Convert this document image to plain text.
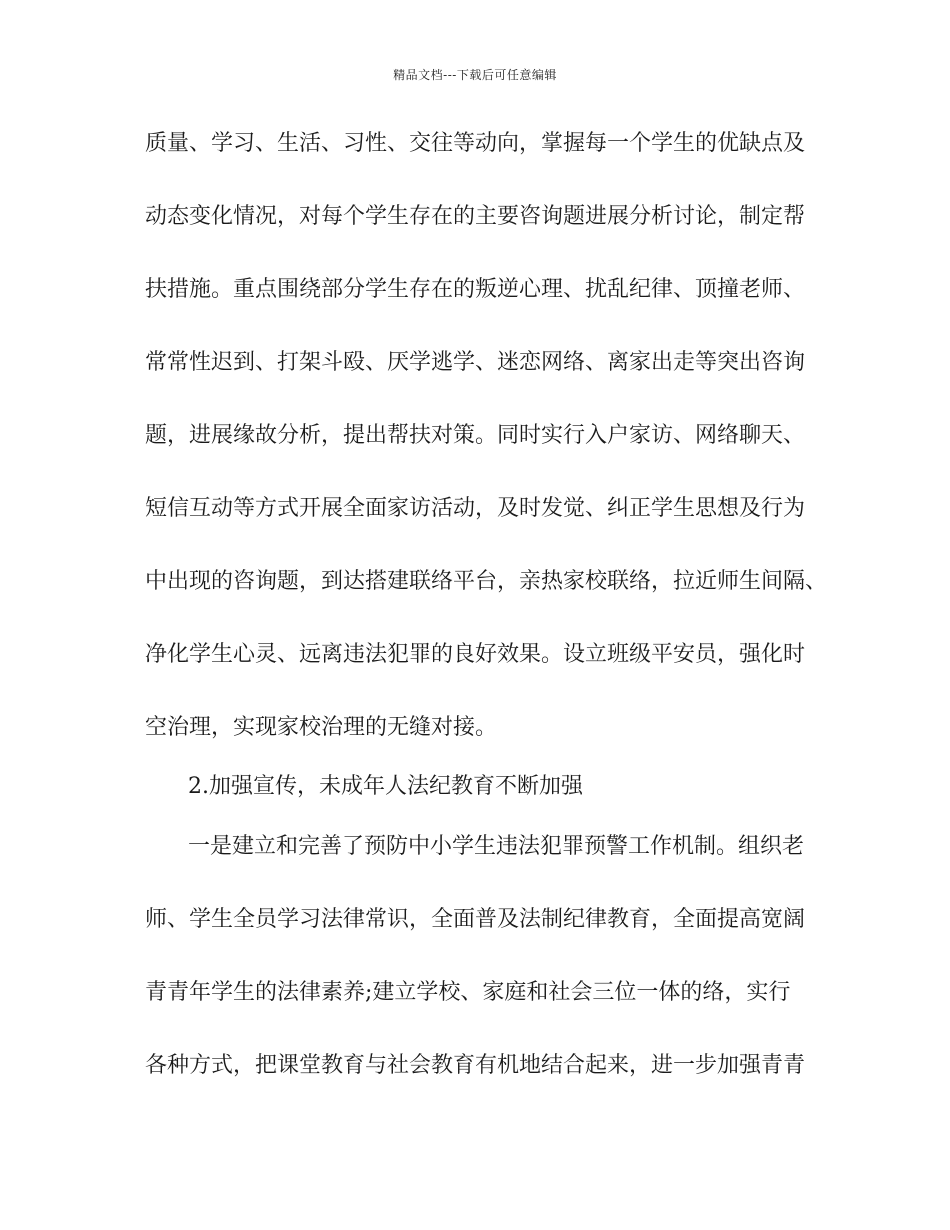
精品文档---下载后可任意编辑
质量、学习、生活、习性、交往等动向，掌握每一个学生的优缺点及
动态变化情况，对每个学生存在的主要咨询题进展分析讨论，制定帮
扶措施。重点围绕部分学生存在的叛逆心理、扰乱纪律、顶撞老师、
常常性迟到、打架斗殴、厌学逃学、迷恋网络、离家出走等突出咨询
题，进展缘故分析，提出帮扶对策。同时实行入户家访、网络聊天、
短信互动等方式开展全面家访活动，及时发觉、纠正学生思想及行为
中出现的咨询题，到达搭建联络平台，亲热家校联络，拉近师生间隔、
净化学生心灵、远离违法犯罪的良好效果。设立班级平安员，强化时
空治理，实现家校治理的无缝对接。
2.加强宣传，未成年人法纪教育不断加强
一是建立和完善了预防中小学生违法犯罪预警工作机制。组织老
师、学生全员学习法律常识，全面普及法制纪律教育，全面提高宽阔
青青年学生的法律素养;建立学校、家庭和社会三位一体的络，实行
各种方式，把课堂教育与社会教育有机地结合起来，进一步加强青青
